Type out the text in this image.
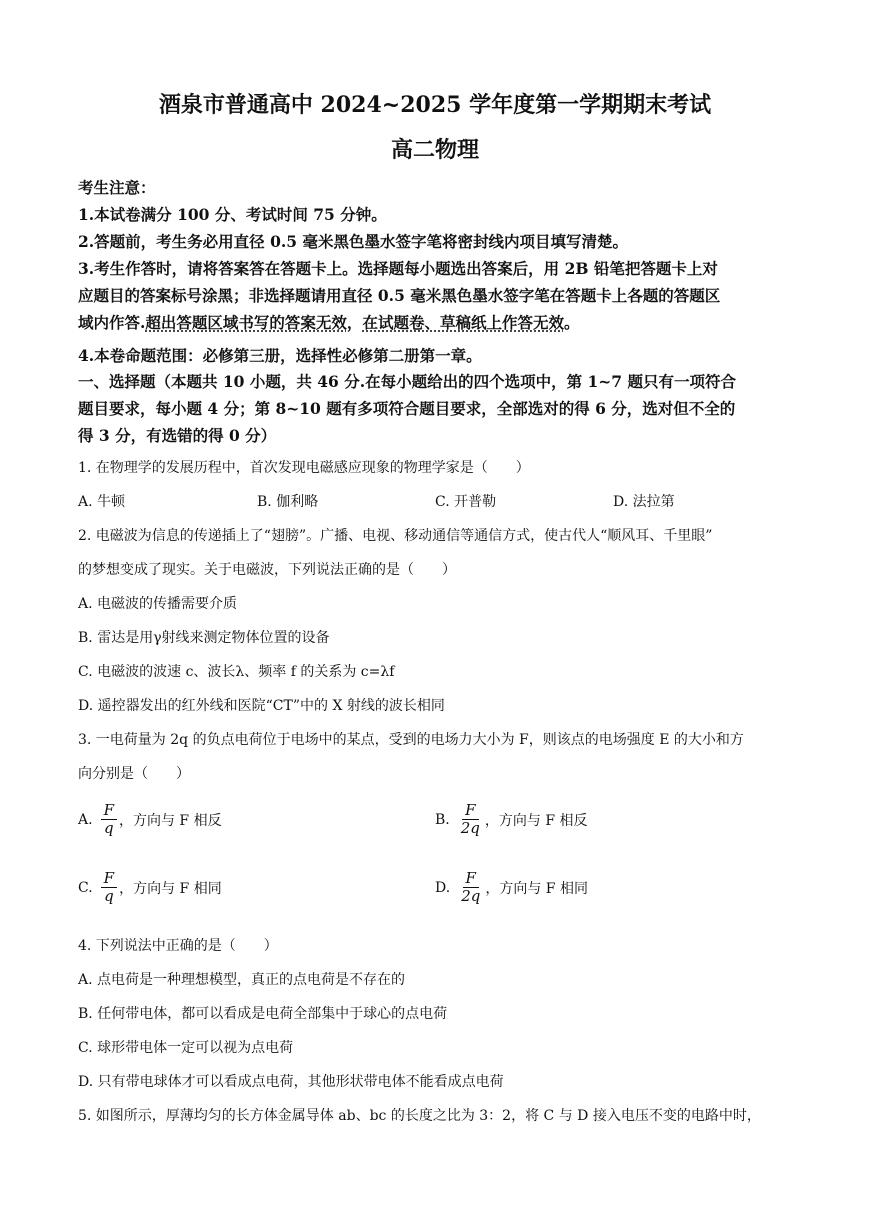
酒泉市普通高中 2024~2025 学年度第一学期期末考试
高二物理
考生注意：
1.本试卷满分 100 分、考试时间 75 分钟。
2.答题前，考生务必用直径 0.5 毫米黑色墨水签字笔将密封线内项目填写清楚。
3.考生作答时，请将答案答在答题卡上。选择题每小题选出答案后，用 2B 铅笔把答题卡上对
应题目的答案标号涂黑；非选择题请用直径 0.5 毫米黑色墨水签字笔在答题卡上各题的答题区
域内作答.超出答题区域书写的答案无效，在试题卷、草稿纸上作答无效。
4.本卷命题范围：必修第三册，选择性必修第二册第一章。
一、选择题（本题共 10 小题，共 46 分.在每小题给出的四个选项中，第 1~7 题只有一项符合
题目要求，每小题 4 分；第 8~10 题有多项符合题目要求，全部选对的得 6 分，选对但不全的
得 3 分，有选错的得 0 分）
1. 在物理学的发展历程中，首次发现电磁感应现象的物理学家是（　　）
A. 牛顿	B. 伽利略	C. 开普勒	D. 法拉第
2. 电磁波为信息的传递插上了“翅膀”。广播、电视、移动通信等通信方式，使古代人“顺风耳、千里眼”
的梦想变成了现实。关于电磁波，下列说法正确的是（　　）
A. 电磁波的传播需要介质
B. 雷达是用γ射线来测定物体位置的设备
C. 电磁波的波速 c、波长λ、频率 f 的关系为 c=λf
D. 遥控器发出的红外线和医院“CT”中的 X 射线的波长相同
3. 一电荷量为 2q 的负点电荷位于电场中的某点，受到的电场力大小为 F，则该点的电场强度 E 的大小和方
向分别是（　　）
A. $\frac{F}{q}$ ，方向与 F 相反	B. $\frac{F}{2q}$ ，方向与 F 相反
C. $\frac{F}{q}$ ，方向与 F 相同	D. $\frac{F}{2q}$ ，方向与 F 相同
4. 下列说法中正确的是（　　）
A. 点电荷是一种理想模型，真正的点电荷是不存在的
B. 任何带电体，都可以看成是电荷全部集中于球心的点电荷
C. 球形带电体一定可以视为点电荷
D. 只有带电球体才可以看成点电荷，其他形状带电体不能看成点电荷
5. 如图所示，厚薄均匀的长方体金属导体 ab、bc 的长度之比为 3：2，将 C 与 D 接入电压不变的电路中时，
